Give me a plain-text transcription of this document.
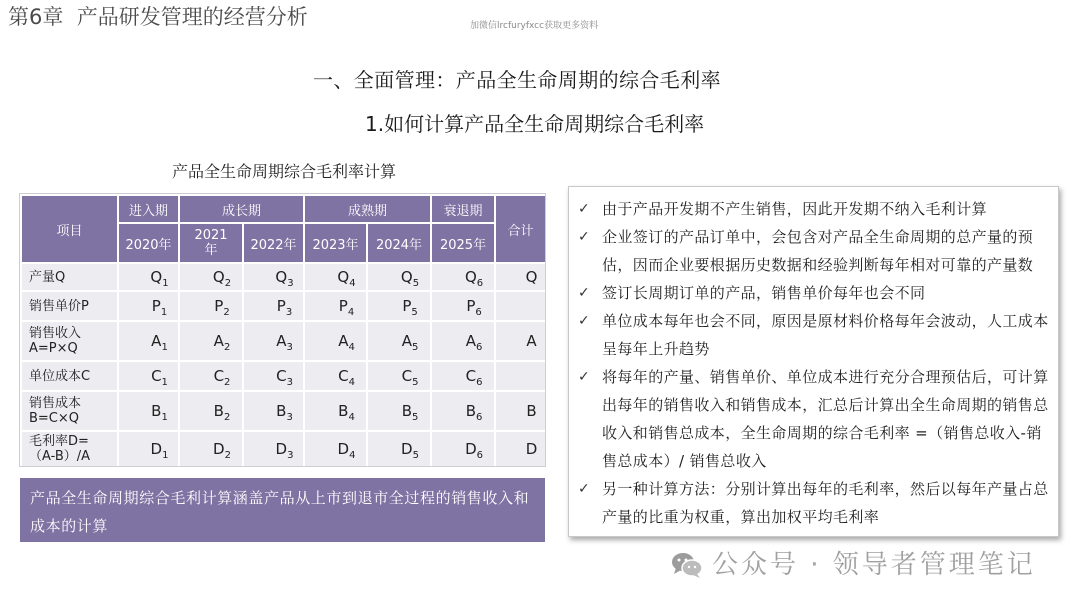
第6章  产品研发管理的经营分析	加微信lrcfuryfxcc获取更多资料
一、全面管理：产品全生命周期的综合毛利率
1.如何计算产品全生命周期综合毛利率
产品全生命周期综合毛利率计算
项目	进入期	成长期		成熟期		衰退期	合计
	2020年	2021年	2022年	2023年	2024年	2025年	
产量Q	$Q_1$	$Q_2$	$Q_3$	$Q_4$	$Q_5$	$Q_6$	Q
销售单价P	$P_1$	$P_2$	$P_3$	$P_4$	$P_5$	$P_6$	
销售收入
A=P×Q	$A_1$	$A_2$	$A_3$	$A_4$	$A_5$	$A_6$	A
单位成本C	$C_1$	$C_2$	$C_3$	$C_4$	$C_5$	$C_6$	
销售成本
B=C×Q	$B_1$	$B_2$	$B_3$	$B_4$	$B_5$	$B_6$	B
毛利率D=
（A-B）/A	$D_1$	$D_2$	$D_3$	$D_4$	$D_5$	$D_6$	D
产品全生命周期综合毛利计算涵盖产品从上市到退市全过程的销售收入和成本的计算
✓ 由于产品开发期不产生销售，因此开发期不纳入毛利计算
✓ 企业签订的产品订单中，会包含对产品全生命周期的总产量的预估，因而企业要根据历史数据和经验判断每年相对可靠的产量数
✓ 签订长周期订单的产品，销售单价每年也会不同
✓ 单位成本每年也会不同，原因是原材料价格每年会波动，人工成本呈每年上升趋势
✓ 将每年的产量、销售单价、单位成本进行充分合理预估后，可计算出每年的销售收入和销售成本，汇总后计算出全生命周期的销售总收入和销售总成本，全生命周期的综合毛利率 =（销售总收入-销售总成本）/ 销售总收入
✓ 另一种计算方法：分别计算出每年的毛利率，然后以每年产量占总产量的比重为权重，算出加权平均毛利率
公众号 · 领导者管理笔记
